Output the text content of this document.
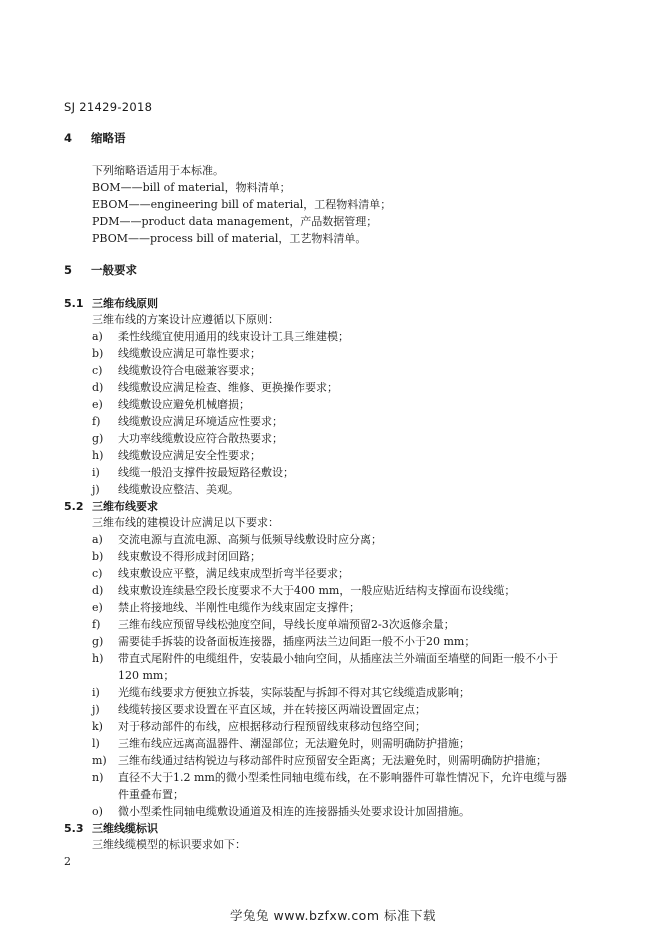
SJ 21429-2018
4 缩略语
下列缩略语适用于本标准。
BOM——bill of material，物料清单；
EBOM——engineering bill of material，工程物料清单；
PDM——product data management，产品数据管理；
PBOM——process bill of material，工艺物料清单。
5 一般要求
5.1 三维布线原则
三维布线的方案设计应遵循以下原则：
a) 柔性线缆宜使用通用的线束设计工具三维建模；
b) 线缆敷设应满足可靠性要求；
c) 线缆敷设符合电磁兼容要求；
d) 线缆敷设应满足检查、维修、更换操作要求；
e) 线缆敷设应避免机械磨损；
f) 线缆敷设应满足环境适应性要求；
g) 大功率线缆敷设应符合散热要求；
h) 线缆敷设应满足安全性要求；
i) 线缆一般沿支撑件按最短路径敷设；
j) 线缆敷设应整洁、美观。
5.2 三维布线要求
三维布线的建模设计应满足以下要求：
a) 交流电源与直流电源、高频与低频导线敷设时应分离；
b) 线束敷设不得形成封闭回路；
c) 线束敷设应平整，满足线束成型折弯半径要求；
d) 线束敷设连续悬空段长度要求不大于400 mm，一般应贴近结构支撑面布设线缆；
e) 禁止将接地线、半刚性电缆作为线束固定支撑件；
f) 三维布线应预留导线松弛度空间，导线长度单端预留2-3次返修余量；
g) 需要徒手拆装的设备面板连接器，插座两法兰边间距一般不小于20 mm；
h) 带直式尾附件的电缆组件，安装最小轴向空间，从插座法兰外端面至墙壁的间距一般不小于
120 mm；
i) 光缆布线要求方便独立拆装，实际装配与拆卸不得对其它线缆造成影响；
j) 线缆转接区要求设置在平直区域，并在转接区两端设置固定点；
k) 对于移动部件的布线，应根据移动行程预留线束移动包络空间；
l) 三维布线应远离高温器件、潮湿部位；无法避免时，则需明确防护措施；
m) 三维布线通过结构锐边与移动部件时应预留安全距离；无法避免时，则需明确防护措施；
n) 直径不大于1.2 mm的微小型柔性同轴电缆布线，在不影响器件可靠性情况下，允许电缆与器
件重叠布置；
o) 微小型柔性同轴电缆敷设通道及相连的连接器插头处要求设计加固措施。
5.3 三维线缆标识
三维线缆模型的标识要求如下：
2
学兔兔 www.bzfxw.com 标准下载
